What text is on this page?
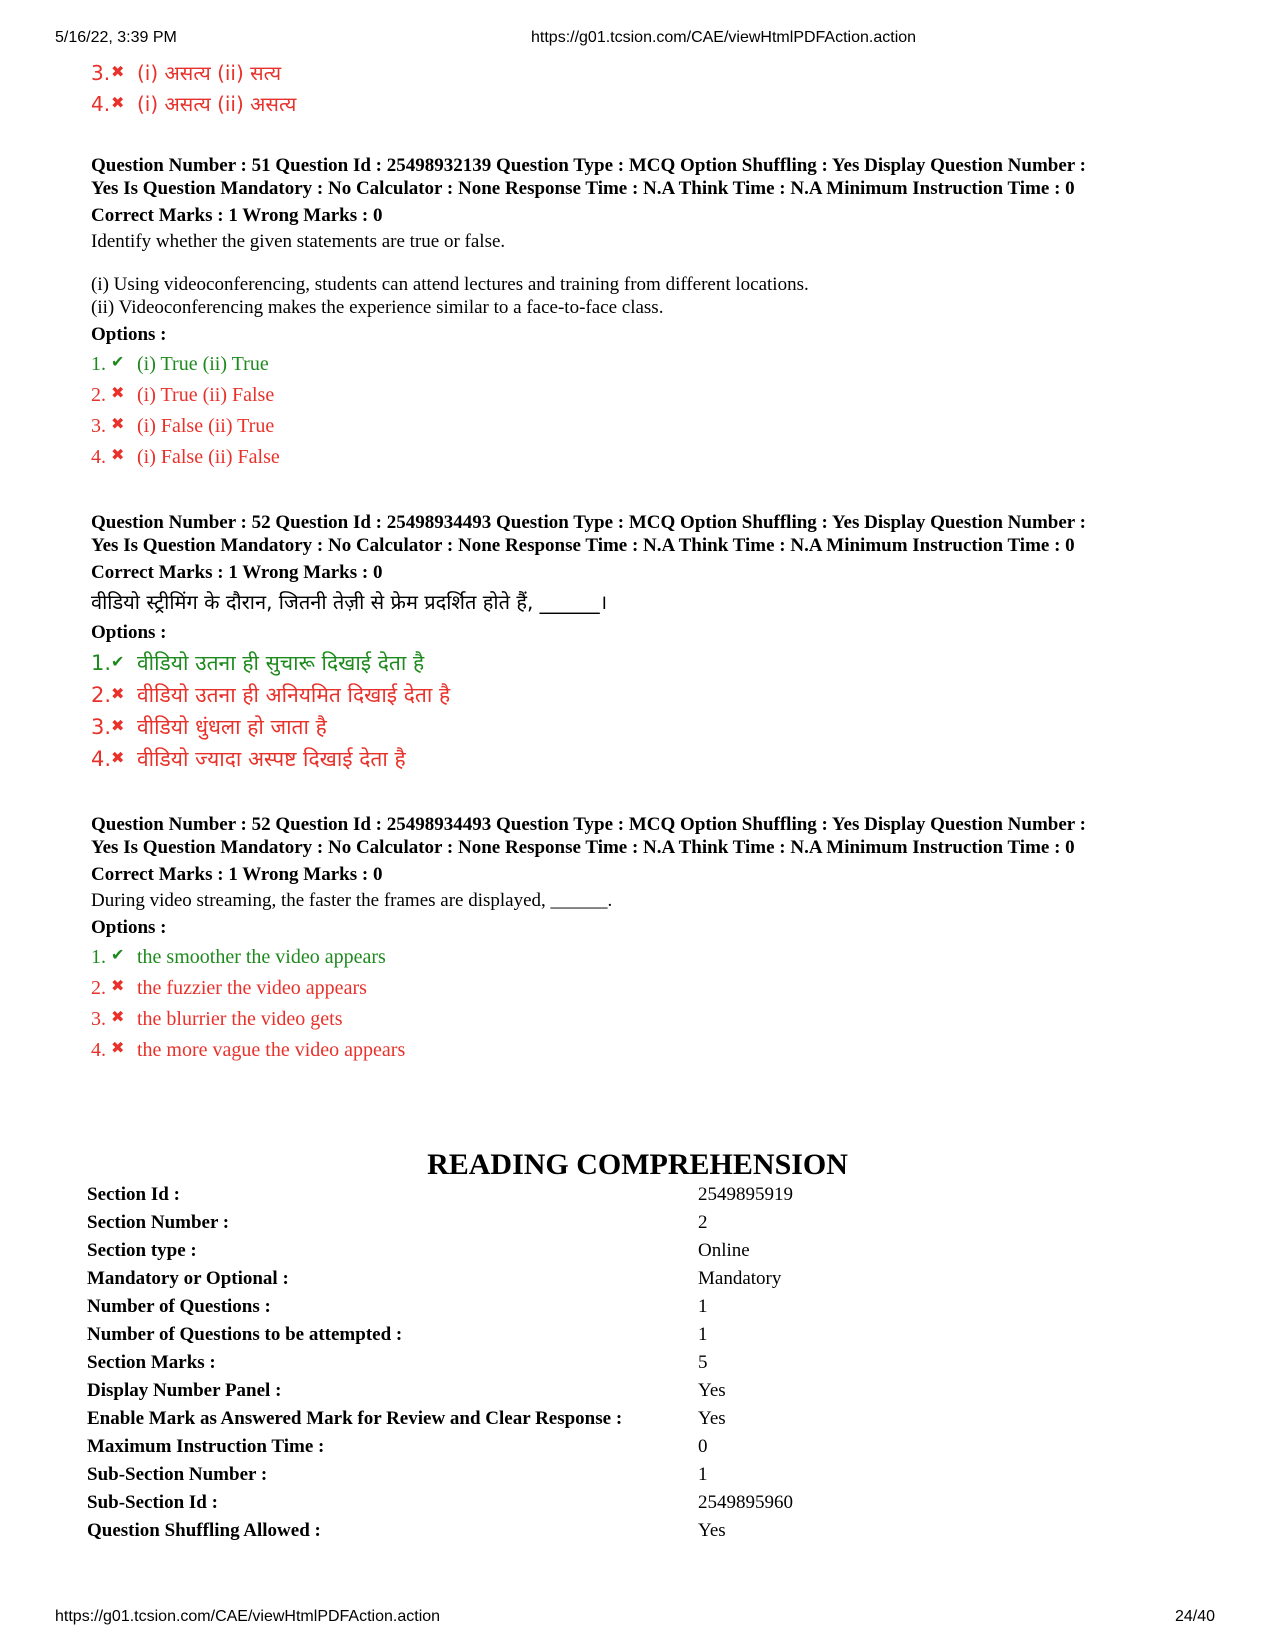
5/16/22, 3:39 PM	https://g01.tcsion.com/CAE/viewHtmlPDFAction.action
3. ✖ (i) असत्य (ii) सत्य
4. ✖ (i) असत्य (ii) असत्य
Question Number : 51 Question Id : 25498932139 Question Type : MCQ Option Shuffling : Yes Display Question Number :
Yes Is Question Mandatory : No Calculator : None Response Time : N.A Think Time : N.A Minimum Instruction Time : 0
Correct Marks : 1 Wrong Marks : 0
Identify whether the given statements are true or false.
(i) Using videoconferencing, students can attend lectures and training from different locations.
(ii) Videoconferencing makes the experience similar to a face-to-face class.
Options :
1. ✔ (i) True (ii) True
2. ✖ (i) True (ii) False
3. ✖ (i) False (ii) True
4. ✖ (i) False (ii) False
Question Number : 52 Question Id : 25498934493 Question Type : MCQ Option Shuffling : Yes Display Question Number :
Yes Is Question Mandatory : No Calculator : None Response Time : N.A Think Time : N.A Minimum Instruction Time : 0
Correct Marks : 1 Wrong Marks : 0
वीडियो स्ट्रीमिंग के दौरान, जितनी तेज़ी से फ्रेम प्रदर्शित होते हैं, ______।
Options :
1. ✔ वीडियो उतना ही सुचारू दिखाई देता है
2. ✖ वीडियो उतना ही अनियमित दिखाई देता है
3. ✖ वीडियो धुंधला हो जाता है
4. ✖ वीडियो ज्यादा अस्पष्ट दिखाई देता है
Question Number : 52 Question Id : 25498934493 Question Type : MCQ Option Shuffling : Yes Display Question Number :
Yes Is Question Mandatory : No Calculator : None Response Time : N.A Think Time : N.A Minimum Instruction Time : 0
Correct Marks : 1 Wrong Marks : 0
During video streaming, the faster the frames are displayed, ______.
Options :
1. ✔ the smoother the video appears
2. ✖ the fuzzier the video appears
3. ✖ the blurrier the video gets
4. ✖ the more vague the video appears
READING COMPREHENSION
Section Id :	2549895919
Section Number :	2
Section type :	Online
Mandatory or Optional :	Mandatory
Number of Questions :	1
Number of Questions to be attempted :	1
Section Marks :	5
Display Number Panel :	Yes
Enable Mark as Answered Mark for Review and Clear Response :	Yes
Maximum Instruction Time :	0
Sub-Section Number :	1
Sub-Section Id :	2549895960
Question Shuffling Allowed :	Yes
https://g01.tcsion.com/CAE/viewHtmlPDFAction.action	24/40
